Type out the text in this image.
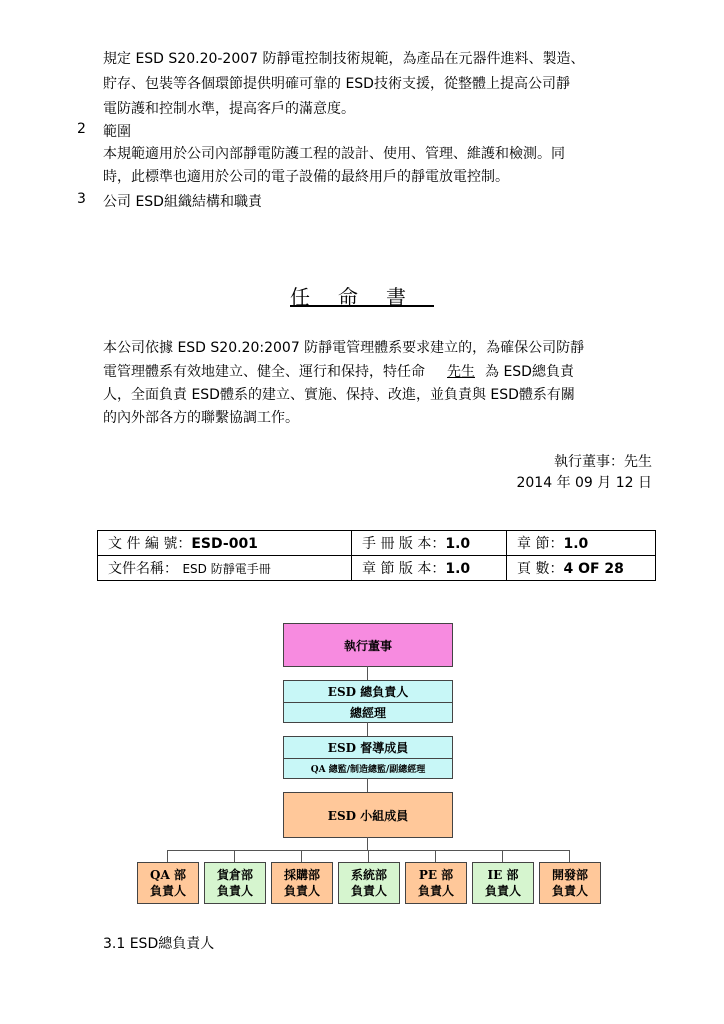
規定 ESD S20.20-2007 防靜電控制技術規範，為產品在元器件進料、製造、
貯存、包裝等各個環節提供明確可靠的 ESD技術支援，從整體上提高公司靜
電防護和控制水準，提高客戶的滿意度。
2 範圍
本規範適用於公司內部靜電防護工程的設計、使用、管理、維護和檢測。同
時，此標準也適用於公司的電子設備的最終用戶的靜電放電控制。
3 公司 ESD組織結構和職責
任命書
本公司依據 ESD S20.20:2007 防靜電管理體系要求建立的，為確保公司防靜
電管理體系有效地建立、健全、運行和保持，特任命 先生 為 ESD總負責
人，全面負責 ESD體系的建立、實施、保持、改進，並負責與 ESD體系有關
的內外部各方的聯繫協調工作。
執行董事：先生
2014 年 09 月 12 日
文 件 編 號：ESD-001	手 冊 版 本：1.0	章 節：1.0
文件名稱： ESD 防靜電手冊	章 節 版 本：1.0	頁 數：4 OF 28
執行董事
ESD 總負責人
總經理
ESD 督導成員
QA 總監/制造總監/副總經理
ESD 小組成員
QA 部
負責人
貨倉部
負責人
採購部
負責人
系統部
負責人
PE 部
負責人
IE 部
負責人
開發部
負責人
3.1 ESD總負責人
